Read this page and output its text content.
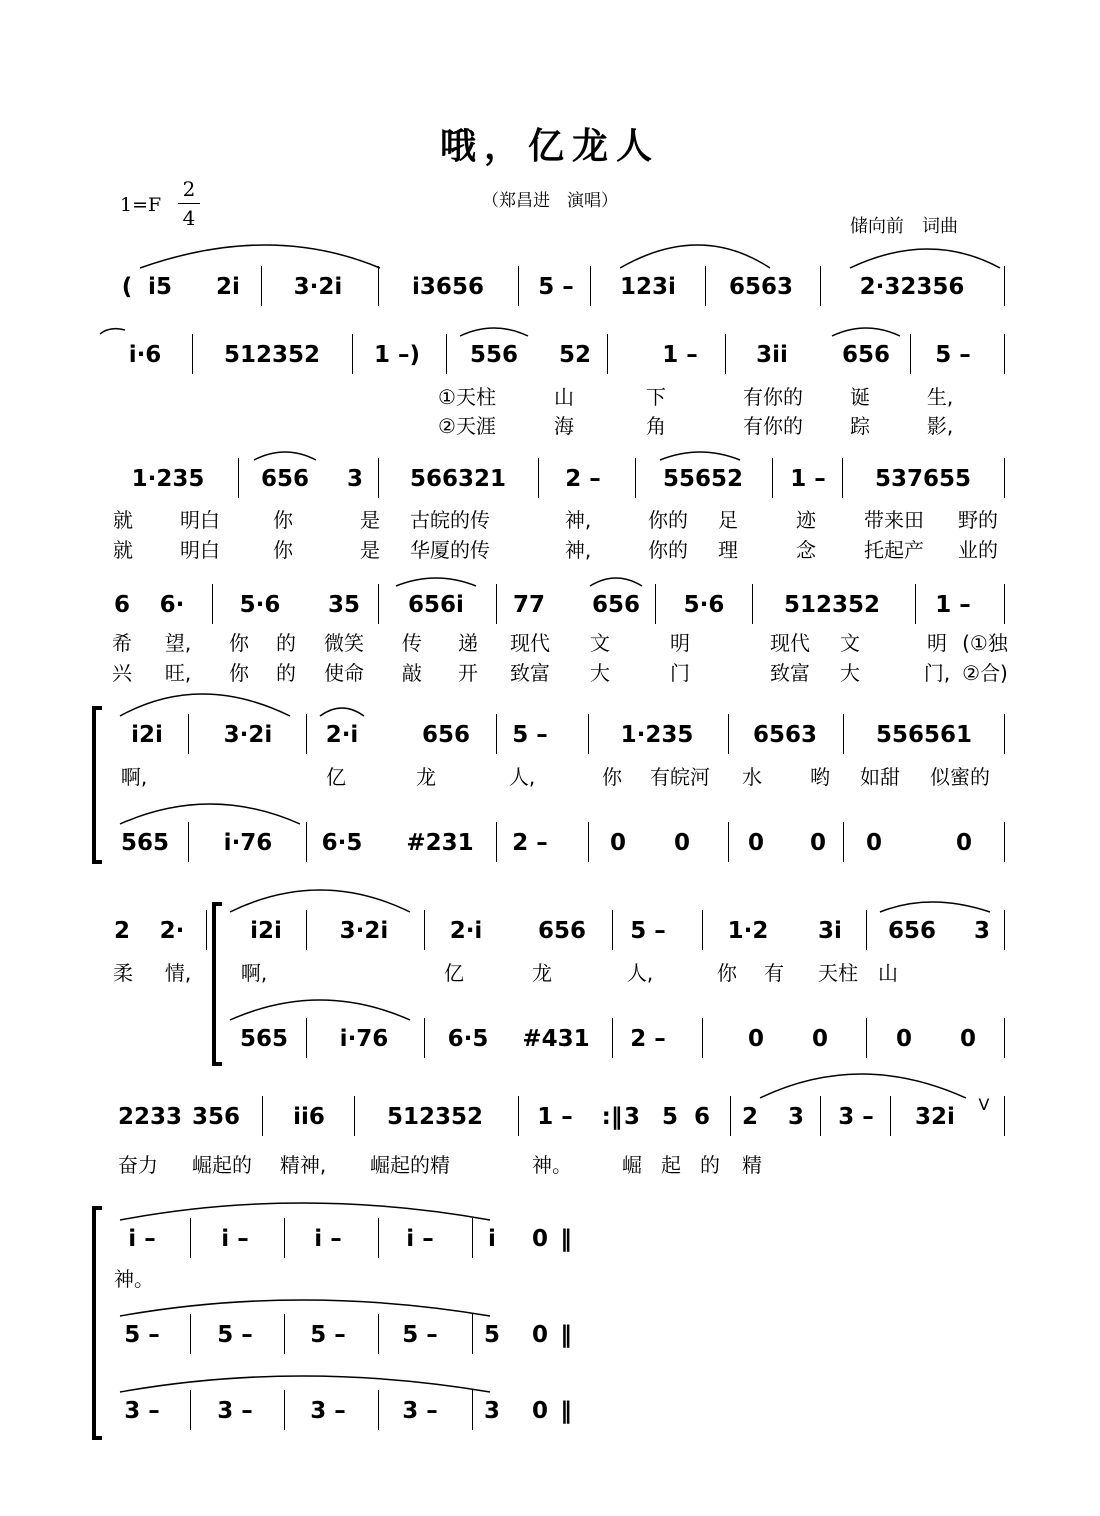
哦，亿龙人
（郑昌进　演唱）
1=F
2
4	储向前　词曲
( i5 2i 3·2i	i3656 5 – 123i 6563	2·32356
i·6	512352 1 –) 556 52	1 –	3ii 656 5 –
①天柱	山	下	有你的 诞	生,
②天涯	海	角	有你的 踪	影,
1·235 656 3 566321	2 –	55652 1 – 537655
就 明白	你	是 古皖的传	神,	你的 足	迹 带来田 野的
就 明白	你	是 华厦的传	神,	你的 理	念 托起产 业的
6 6· 5·6 35 656i 77 656 5·6	512352 1 –
希 望, 你 的 微笑 传 递 现代 文	明	现代 文	明 (①独
兴 旺, 你 的 使命 敲 开 致富 大	门	致富 大	门, ②合)
i2i	3·2i 2·i	656 5 –	1·235	6563	556561
啊,	亿	龙	人,	你 有皖河 水 哟 如甜 似蜜的
565 i·76 6·5 #231 2 –	0 0	0 0 0	0
2 2·	i2i	3·2i	2·i 656 5 –	1·2 3i 656 3
柔 情, 啊,	亿	龙	人,	你 有 天柱 山
565 i·76	6·5 #431 2 –	0 0	0 0
2233 356 ii6	512352 1 – :‖ 3 5 6 2 3 3 – 32i V
奋力 崛起的 精神, 崛起的精	神。	崛 起 的 精
i –	i –	i –	i – i 0 ‖
神。
5 – 5 – 5 – 5 – 5 0 ‖
3 – 3 – 3 – 3 – 3 0 ‖
